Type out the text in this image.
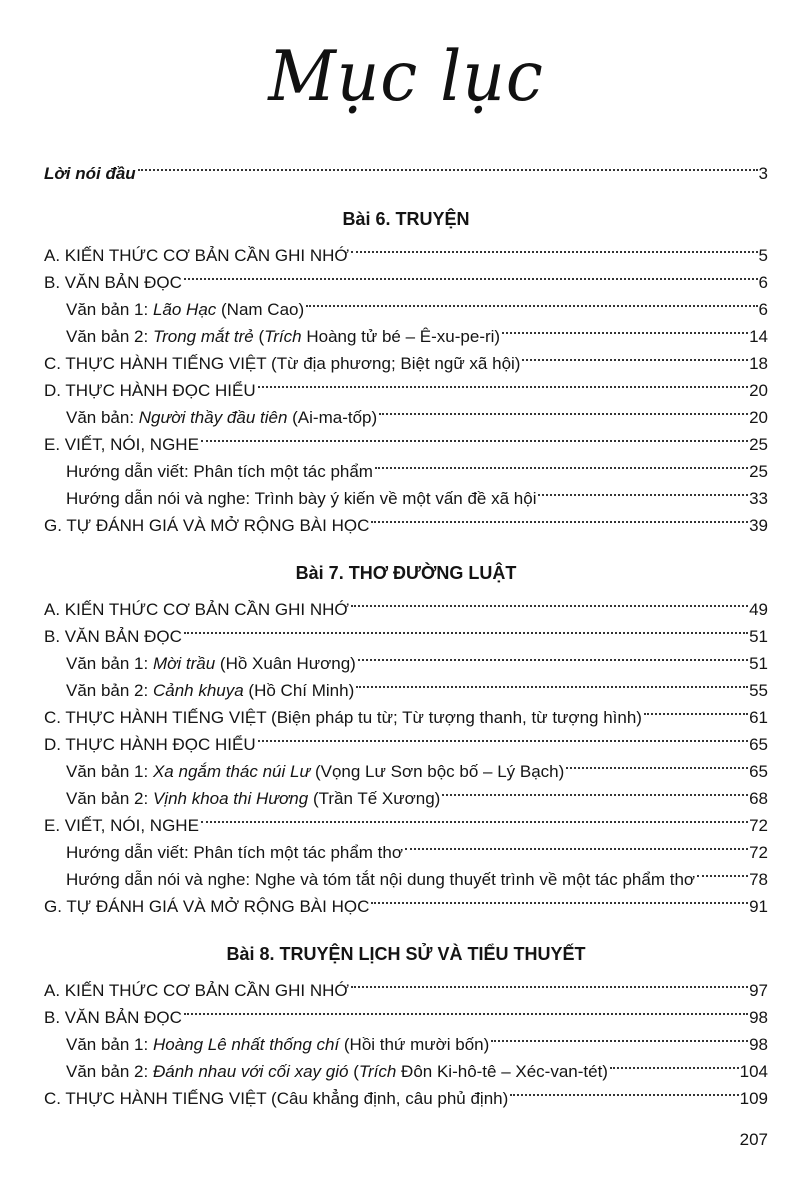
Mục lục
Lời nói đầu	3
Bài 6. TRUYỆN
A. KIẾN THỨC CƠ BẢN CẦN GHI NHỚ	5
B. VĂN BẢN ĐỌC	6
Văn bản 1: Lão Hạc (Nam Cao)	6
Văn bản 2: Trong mắt trẻ (Trích Hoàng tử bé – Ê-xu-pe-ri)	14
C. THỰC HÀNH TIẾNG VIỆT (Từ địa phương; Biệt ngữ xã hội)	18
D. THỰC HÀNH ĐỌC HIỂU	20
Văn bản: Người thầy đầu tiên (Ai-ma-tốp)	20
E. VIẾT, NÓI, NGHE	25
Hướng dẫn viết: Phân tích một tác phẩm	25
Hướng dẫn nói và nghe: Trình bày ý kiến về một vấn đề xã hội	33
G. TỰ ĐÁNH GIÁ VÀ MỞ RỘNG BÀI HỌC	39
Bài 7. THƠ ĐƯỜNG LUẬT
A. KIẾN THỨC CƠ BẢN CẦN GHI NHỚ	49
B. VĂN BẢN ĐỌC	51
Văn bản 1: Mời trầu (Hồ Xuân Hương)	51
Văn bản 2: Cảnh khuya (Hồ Chí Minh)	55
C. THỰC HÀNH TIẾNG VIỆT (Biện pháp tu từ; Từ tượng thanh, từ tượng hình)	61
D. THỰC HÀNH ĐỌC HIỂU	65
Văn bản 1: Xa ngắm thác núi Lư (Vọng Lư Sơn bộc bố – Lý Bạch)	65
Văn bản 2: Vịnh khoa thi Hương (Trần Tế Xương)	68
E. VIẾT, NÓI, NGHE	72
Hướng dẫn viết: Phân tích một tác phẩm thơ	72
Hướng dẫn nói và nghe: Nghe và tóm tắt nội dung thuyết trình về một tác phẩm thơ	78
G. TỰ ĐÁNH GIÁ VÀ MỞ RỘNG BÀI HỌC	91
Bài 8. TRUYỆN LỊCH SỬ VÀ TIỂU THUYẾT
A. KIẾN THỨC CƠ BẢN CẦN GHI NHỚ	97
B. VĂN BẢN ĐỌC	98
Văn bản 1: Hoàng Lê nhất thống chí (Hồi thứ mười bốn)	98
Văn bản 2: Đánh nhau với cối xay gió (Trích Đôn Ki-hô-tê – Xéc-van-tét)	104
C. THỰC HÀNH TIẾNG VIỆT (Câu khẳng định, câu phủ định)	109
207
